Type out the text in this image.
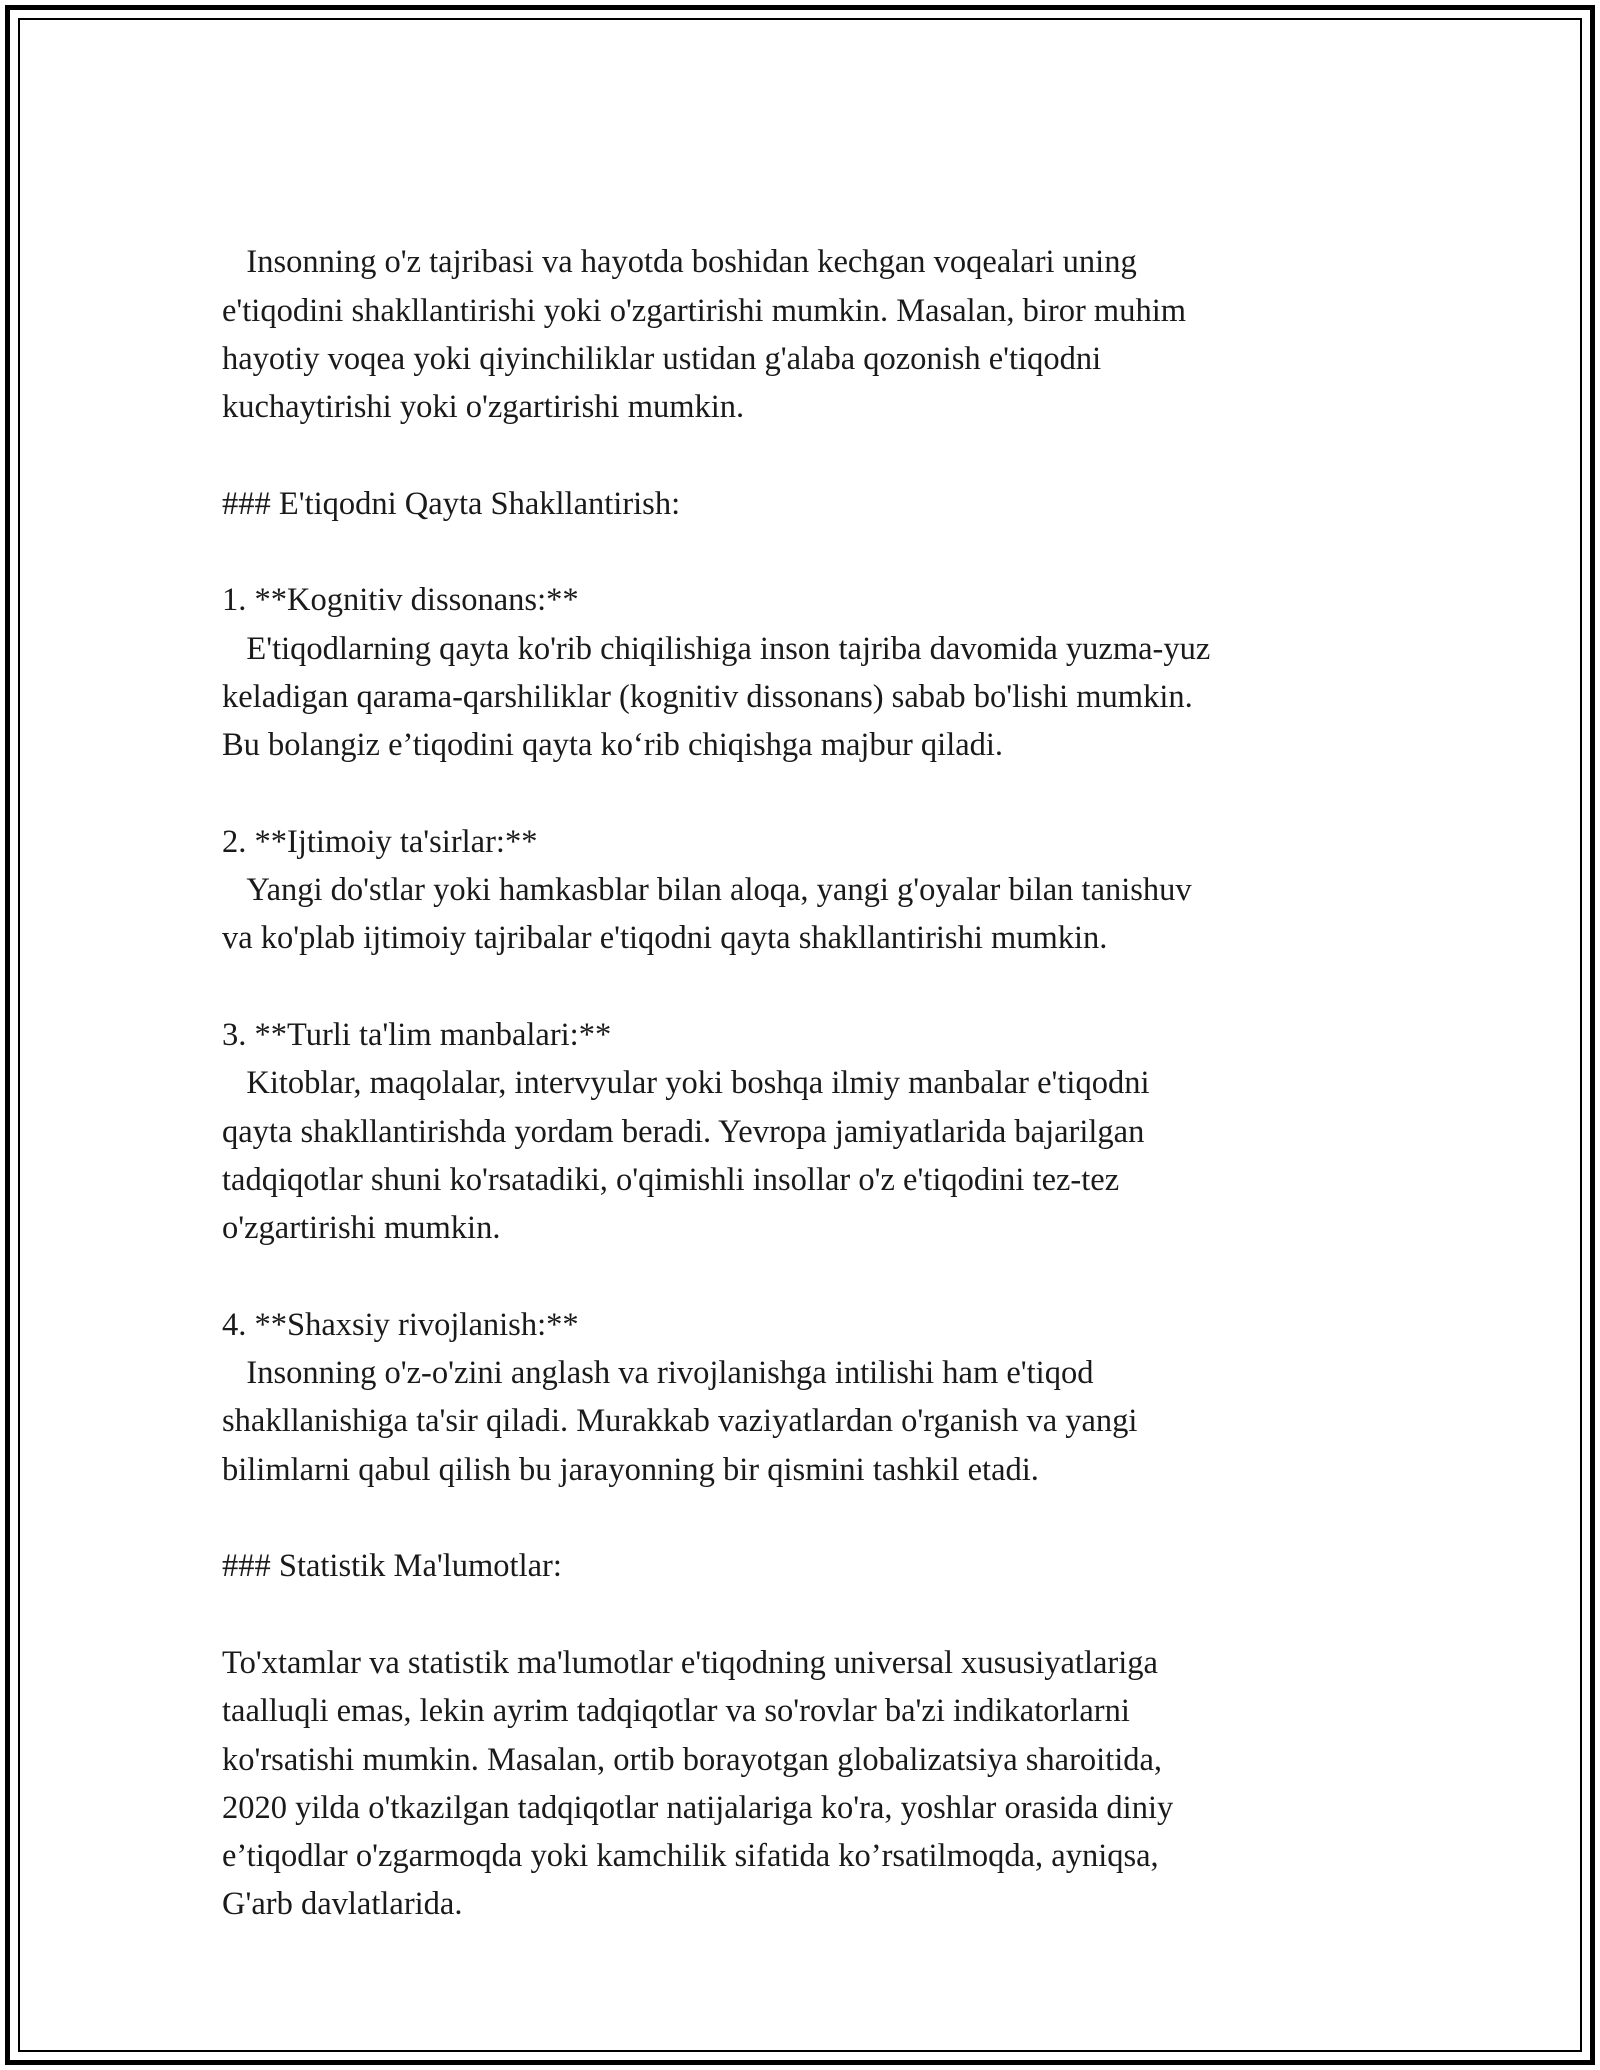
Insonning o'z tajribasi va hayotda boshidan kechgan voqealari uning
e'tiqodini shakllantirishi yoki o'zgartirishi mumkin. Masalan, biror muhim
hayotiy voqea yoki qiyinchiliklar ustidan g'alaba qozonish e'tiqodni
kuchaytirishi yoki o'zgartirishi mumkin.

### E'tiqodni Qayta Shakllantirish:

1. **Kognitiv dissonans:**
E'tiqodlarning qayta ko'rib chiqilishiga inson tajriba davomida yuzma-yuz
keladigan qarama-qarshiliklar (kognitiv dissonans) sabab bo'lishi mumkin.
Bu bolangiz e’tiqodini qayta ko‘rib chiqishga majbur qiladi.

2. **Ijtimoiy ta'sirlar:**
Yangi do'stlar yoki hamkasblar bilan aloqa, yangi g'oyalar bilan tanishuv
va ko'plab ijtimoiy tajribalar e'tiqodni qayta shakllantirishi mumkin.

3. **Turli ta'lim manbalari:**
Kitoblar, maqolalar, intervyular yoki boshqa ilmiy manbalar e'tiqodni
qayta shakllantirishda yordam beradi. Yevropa jamiyatlarida bajarilgan
tadqiqotlar shuni ko'rsatadiki, o'qimishli insollar o'z e'tiqodini tez-tez
o'zgartirishi mumkin.

4. **Shaxsiy rivojlanish:**
Insonning o'z-o'zini anglash va rivojlanishga intilishi ham e'tiqod
shakllanishiga ta'sir qiladi. Murakkab vaziyatlardan o'rganish va yangi
bilimlarni qabul qilish bu jarayonning bir qismini tashkil etadi.

### Statistik Ma'lumotlar:

To'xtamlar va statistik ma'lumotlar e'tiqodning universal xususiyatlariga
taalluqli emas, lekin ayrim tadqiqotlar va so'rovlar ba'zi indikatorlarni
ko'rsatishi mumkin. Masalan, ortib borayotgan globalizatsiya sharoitida,
2020 yilda o'tkazilgan tadqiqotlar natijalariga ko'ra, yoshlar orasida diniy
e’tiqodlar o'zgarmoqda yoki kamchilik sifatida ko’rsatilmoqda, ayniqsa,
G'arb davlatlarida.
